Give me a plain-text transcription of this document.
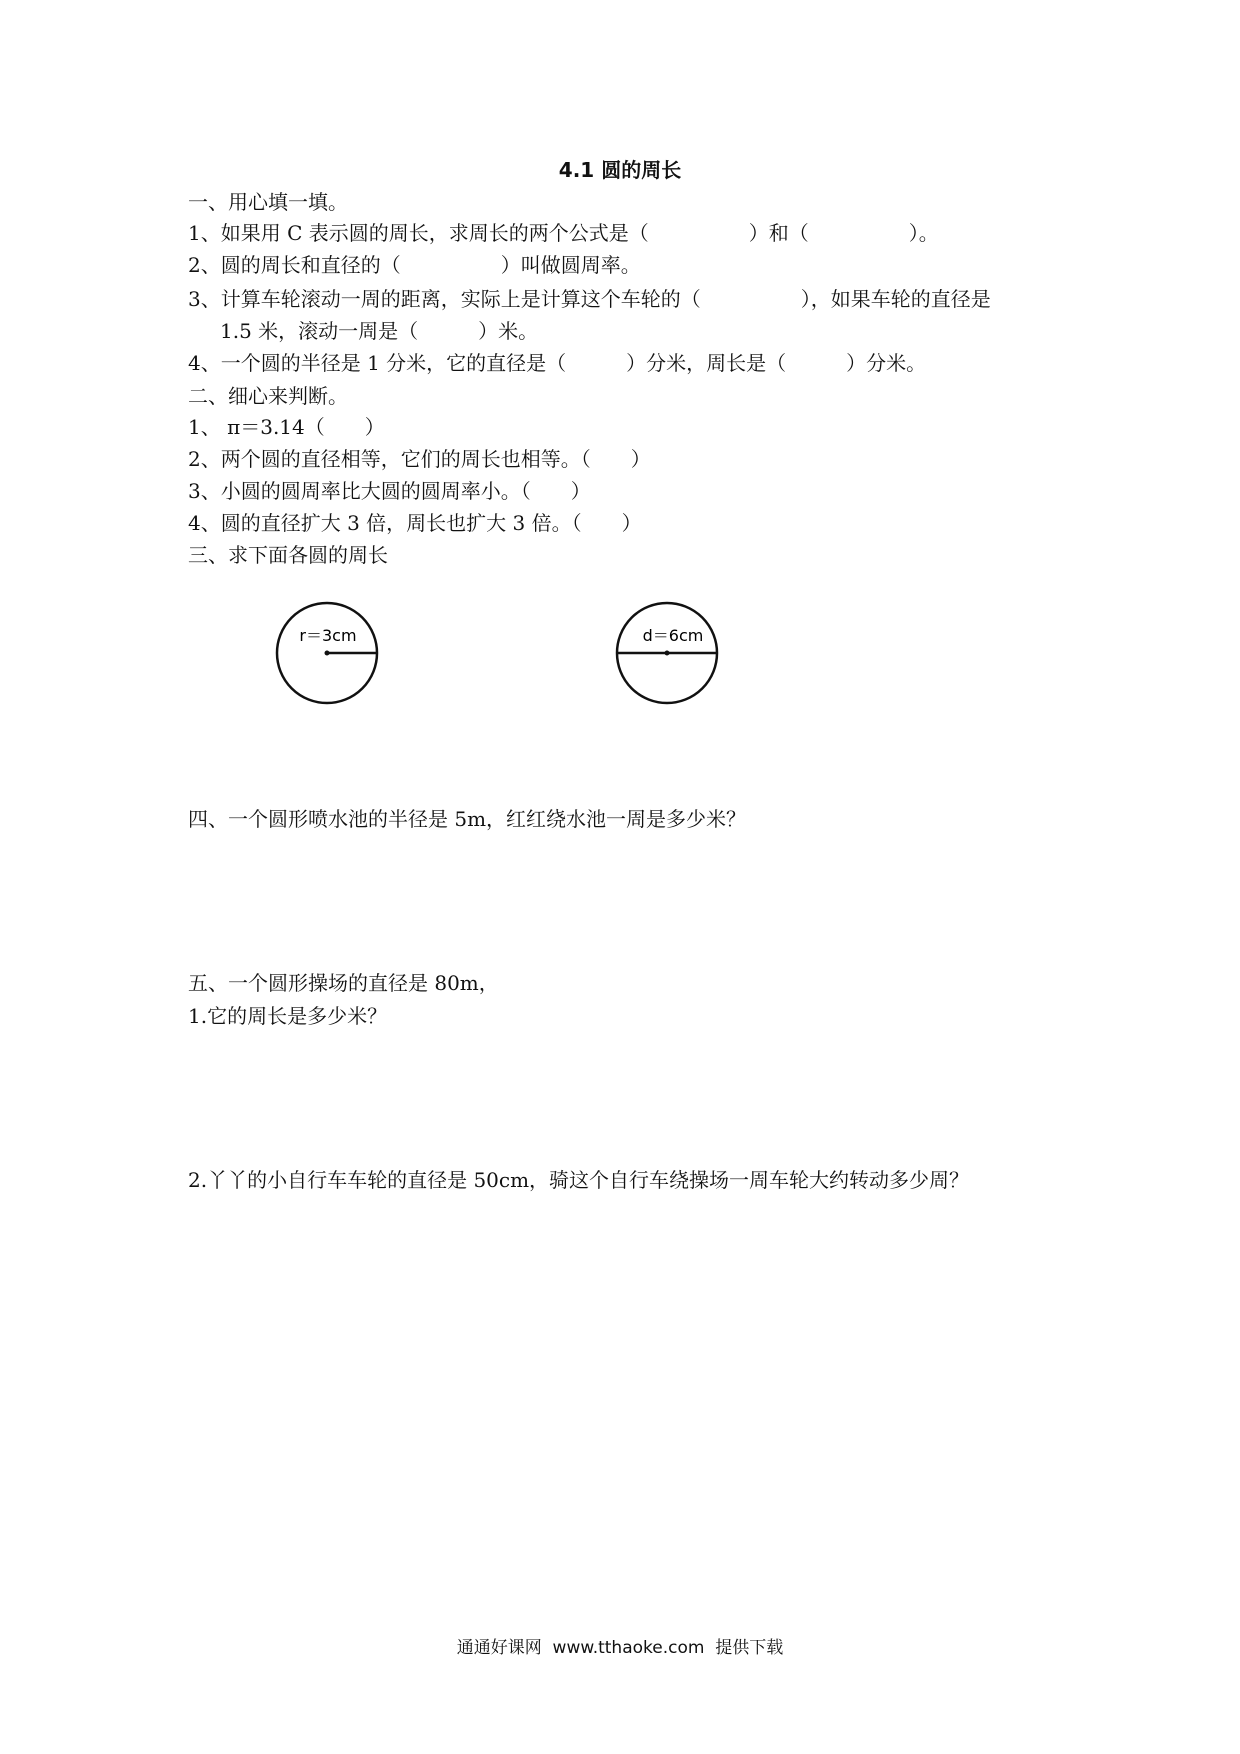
4.1 圆的周长
一、用心填一填。
1、如果用 C 表示圆的周长，求周长的两个公式是（　　　　　）和（　　　　　）。
2、圆的周长和直径的（　　　　　）叫做圆周率。
3、计算车轮滚动一周的距离，实际上是计算这个车轮的（　　　　　），如果车轮的直径是
1.5 米，滚动一周是（　　　）米。
4、一个圆的半径是 1 分米，它的直径是（　　　）分米，周长是（　　　）分米。
二、细心来判断。
1、 π＝3.14（　　）
2、两个圆的直径相等，它们的周长也相等。（　　）
3、小圆的圆周率比大圆的圆周率小。（　　）
4、圆的直径扩大 3 倍，周长也扩大 3 倍。（　　）
三、求下面各圆的周长
r＝3cm	d＝6cm
四、一个圆形喷水池的半径是 5m，红红绕水池一周是多少米？
五、一个圆形操场的直径是 80m，
1.它的周长是多少米？
2.丫丫的小自行车车轮的直径是 50cm，骑这个自行车绕操场一周车轮大约转动多少周？
通通好课网  www.tthaoke.com  提供下载
